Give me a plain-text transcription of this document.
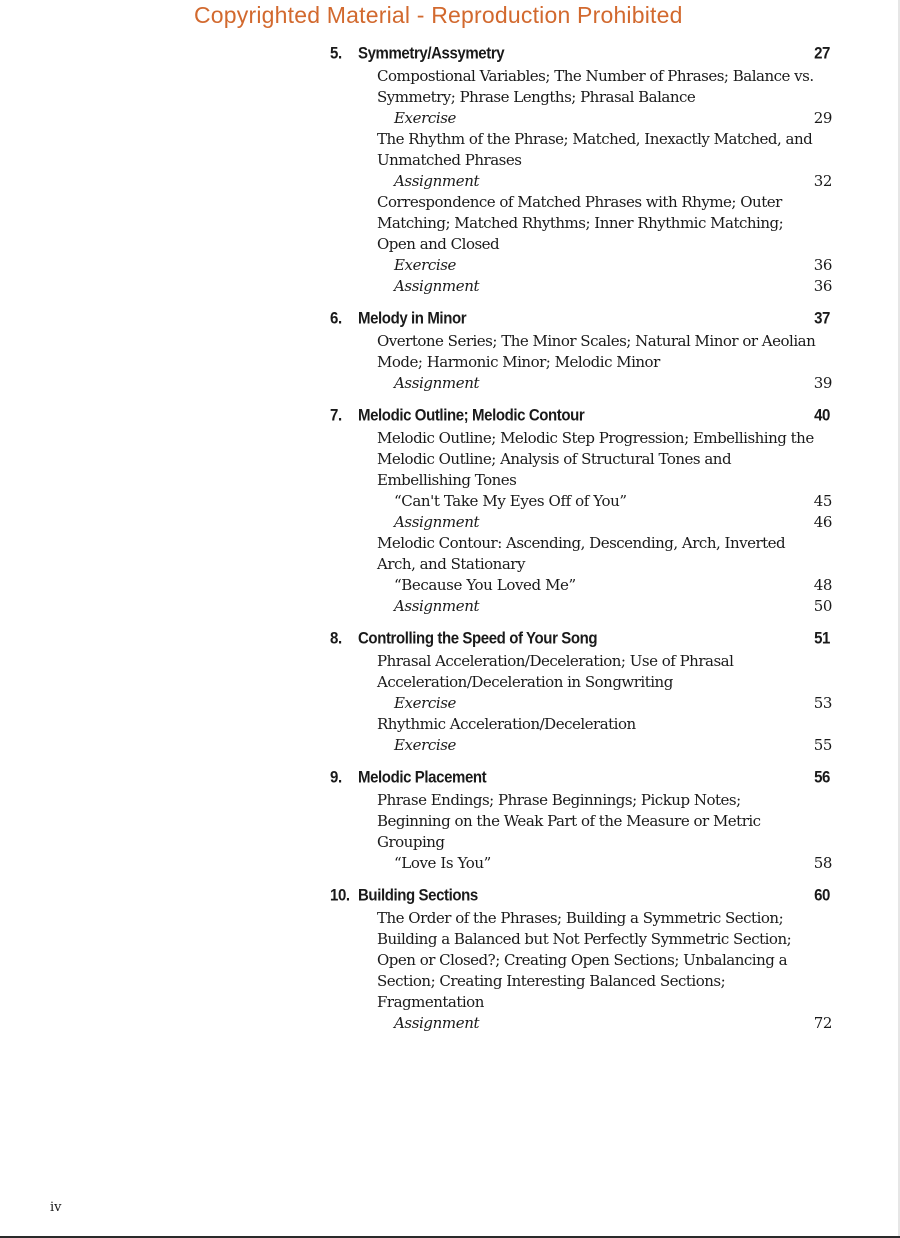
Copyrighted Material - Reproduction Prohibited
5. Symmetry/Assymetry	27
Compostional Variables; The Number of Phrases; Balance vs. Symmetry; Phrase Lengths; Phrasal Balance
Exercise	29
The Rhythm of the Phrase; Matched, Inexactly Matched, and Unmatched Phrases
Assignment	32
Correspondence of Matched Phrases with Rhyme; Outer Matching; Matched Rhythms; Inner Rhythmic Matching; Open and Closed
Exercise	36
Assignment	36
6. Melody in Minor	37
Overtone Series; The Minor Scales; Natural Minor or Aeolian Mode; Harmonic Minor; Melodic Minor
Assignment	39
7. Melodic Outline; Melodic Contour	40
Melodic Outline; Melodic Step Progression; Embellishing the Melodic Outline; Analysis of Structural Tones and Embellishing Tones
“Can't Take My Eyes Off of You”	45
Assignment	46
Melodic Contour: Ascending, Descending, Arch, Inverted Arch, and Stationary
“Because You Loved Me”	48
Assignment	50
8. Controlling the Speed of Your Song	51
Phrasal Acceleration/Deceleration; Use of Phrasal Acceleration/Deceleration in Songwriting
Exercise	53
Rhythmic Acceleration/Deceleration
Exercise	55
9. Melodic Placement	56
Phrase Endings; Phrase Beginnings; Pickup Notes; Beginning on the Weak Part of the Measure or Metric Grouping
“Love Is You”	58
10. Building Sections	60
The Order of the Phrases; Building a Symmetric Section; Building a Balanced but Not Perfectly Symmetric Section; Open or Closed?; Creating Open Sections; Unbalancing a Section; Creating Interesting Balanced Sections; Fragmentation
Assignment	72
iv
